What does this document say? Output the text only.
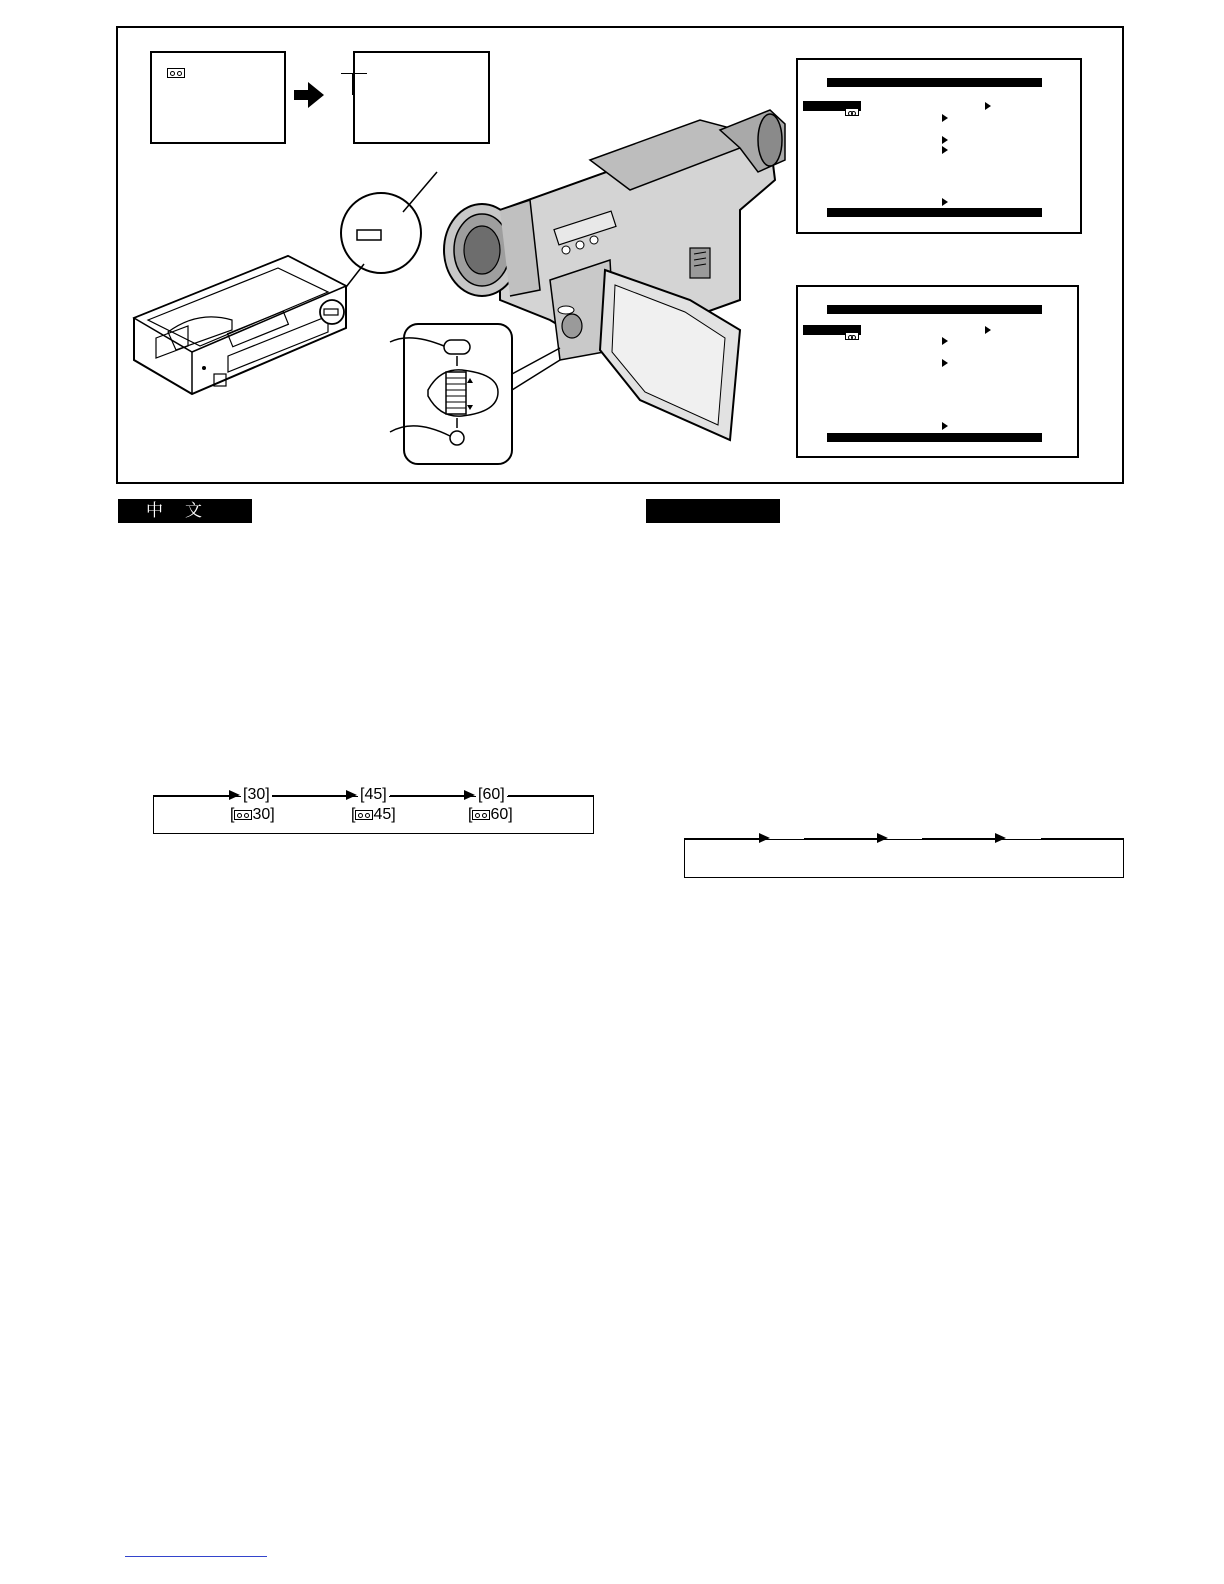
中文
[30]	[45]	[60]
[ 30]	[ 45]	[ 60]
